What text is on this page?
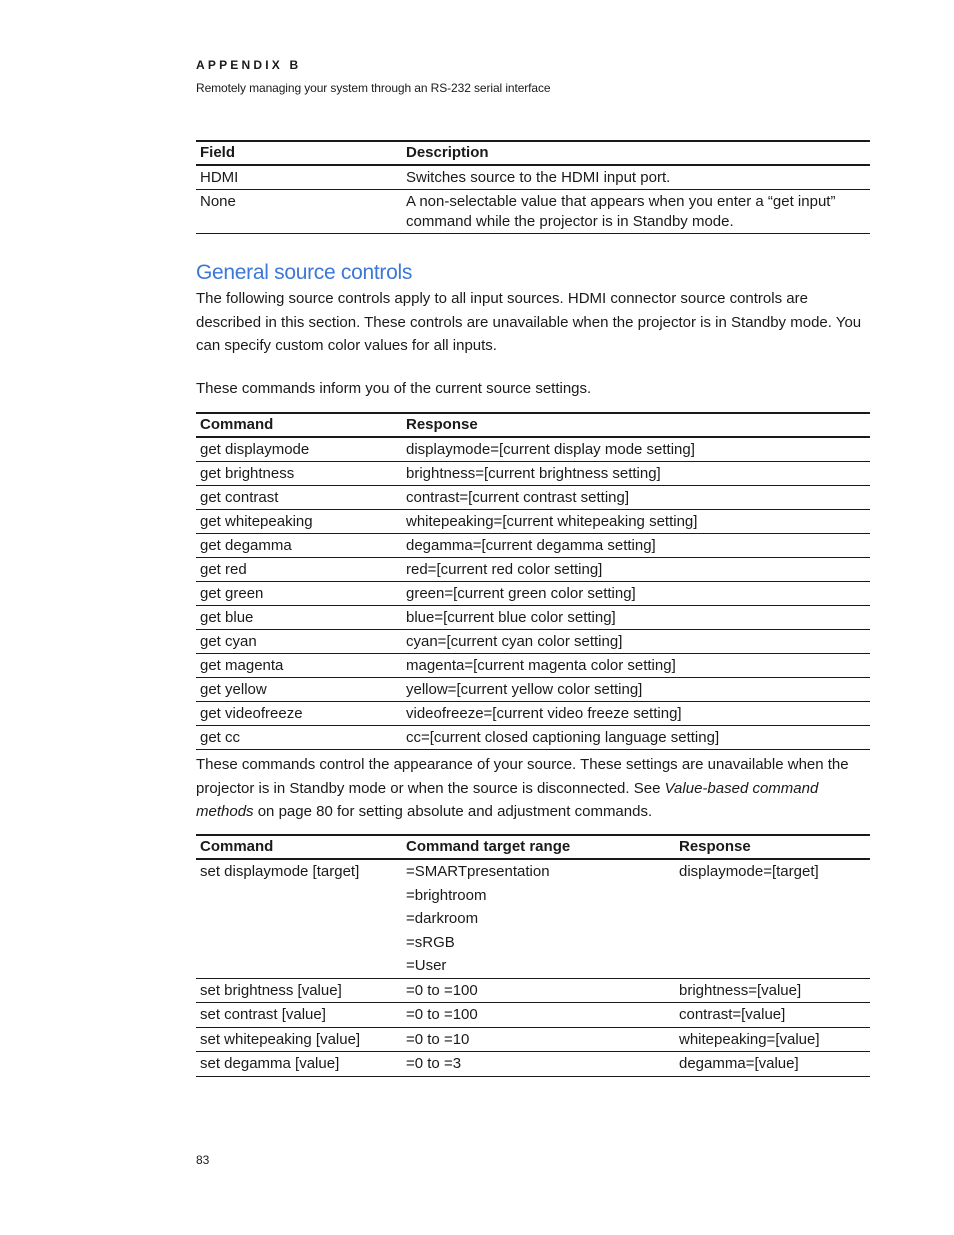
APPENDIX B
Remotely managing your system through an RS-232 serial interface
Field	Description
HDMI	Switches source to the HDMI input port.
None	A non-selectable value that appears when you enter a “get input” command while the projector is in Standby mode.
General source controls

The following source controls apply to all input sources. HDMI connector source controls are described in this section. These controls are unavailable when the projector is in Standby mode. You can specify custom color values for all inputs.

These commands inform you of the current source settings.

Command	Response
get displaymode	displaymode=[current display mode setting]
get brightness	brightness=[current brightness setting]
get contrast	contrast=[current contrast setting]
get whitepeaking	whitepeaking=[current whitepeaking setting]
get degamma	degamma=[current degamma setting]
get red	red=[current red color setting]
get green	green=[current green color setting]
get blue	blue=[current blue color setting]
get cyan	cyan=[current cyan color setting]
get magenta	magenta=[current magenta color setting]
get yellow	yellow=[current yellow color setting]
get videofreeze	videofreeze=[current video freeze setting]
get cc	cc=[current closed captioning language setting]

These commands control the appearance of your source. These settings are unavailable when the projector is in Standby mode or when the source is disconnected. See Value-based command methods on page 80 for setting absolute and adjustment commands.

Command	Command target range	Response
set displaymode [target]	=SMARTpresentation
=brightroom
=darkroom
=sRGB
=User	displaymode=[target]
set brightness [value]	=0 to =100	brightness=[value]
set contrast [value]	=0 to =100	contrast=[value]
set whitepeaking [value]	=0 to =10	whitepeaking=[value]
set degamma [value]	=0 to =3	degamma=[value]
83
